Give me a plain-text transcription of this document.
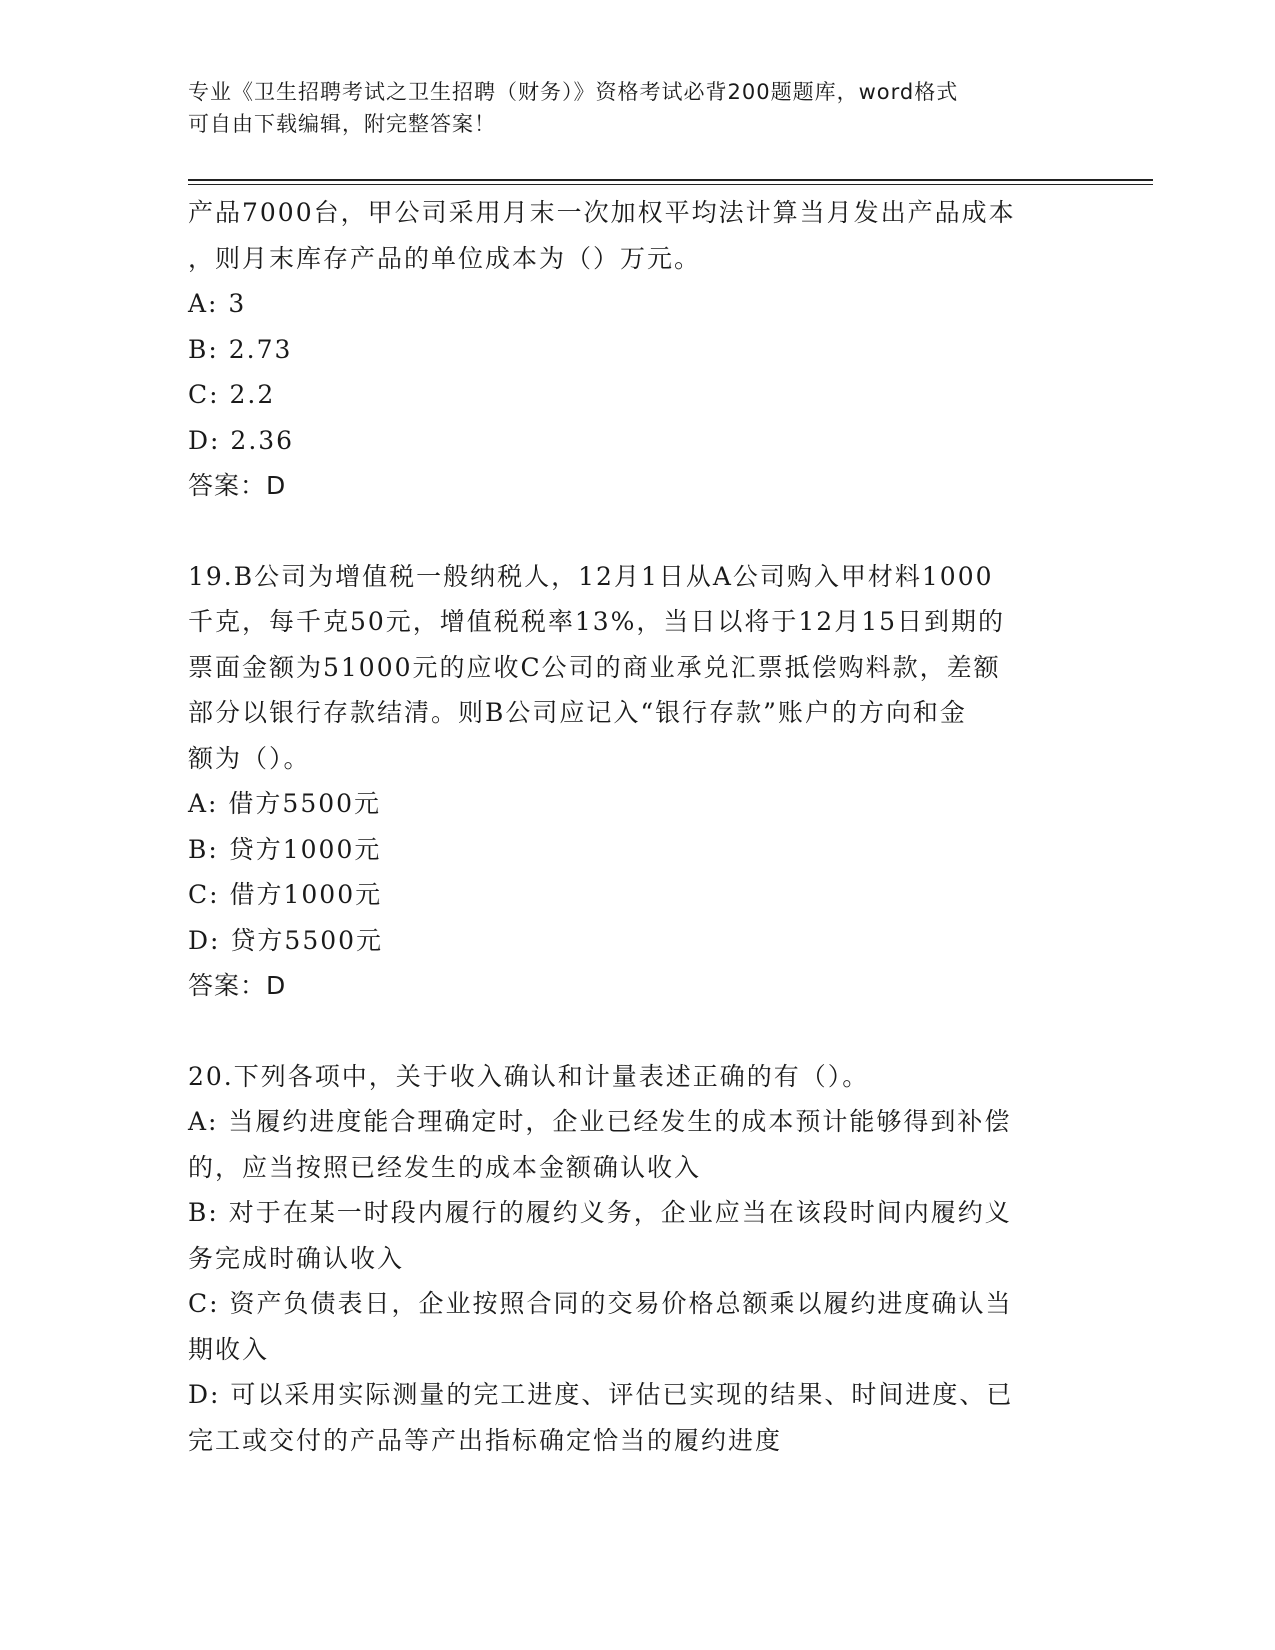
专业《卫生招聘考试之卫生招聘（财务）》资格考试必背200题题库，word格式
可自由下载编辑，附完整答案！

产品7000台，甲公司采用月末一次加权平均法计算当月发出产品成本

，则月末库存产品的单位成本为（）万元。

A: 3

B: 2.73

C: 2.2

D: 2.36

答案：D

19.B公司为增值税一般纳税人，12月1日从A公司购入甲材料1000

千克，每千克50元，增值税税率13%，当日以将于12月15日到期的

票面金额为51000元的应收C公司的商业承兑汇票抵偿购料款，差额

部分以银行存款结清。则B公司应记入“银行存款”账户的方向和金

额为（）。

A: 借方5500元

B: 贷方1000元

C: 借方1000元

D: 贷方5500元

答案：D

20.下列各项中，关于收入确认和计量表述正确的有（）。

A: 当履约进度能合理确定时，企业已经发生的成本预计能够得到补偿

的，应当按照已经发生的成本金额确认收入

B: 对于在某一时段内履行的履约义务，企业应当在该段时间内履约义

务完成时确认收入

C: 资产负债表日，企业按照合同的交易价格总额乘以履约进度确认当

期收入

D: 可以采用实际测量的完工进度、评估已实现的结果、时间进度、已

完工或交付的产品等产出指标确定恰当的履约进度
